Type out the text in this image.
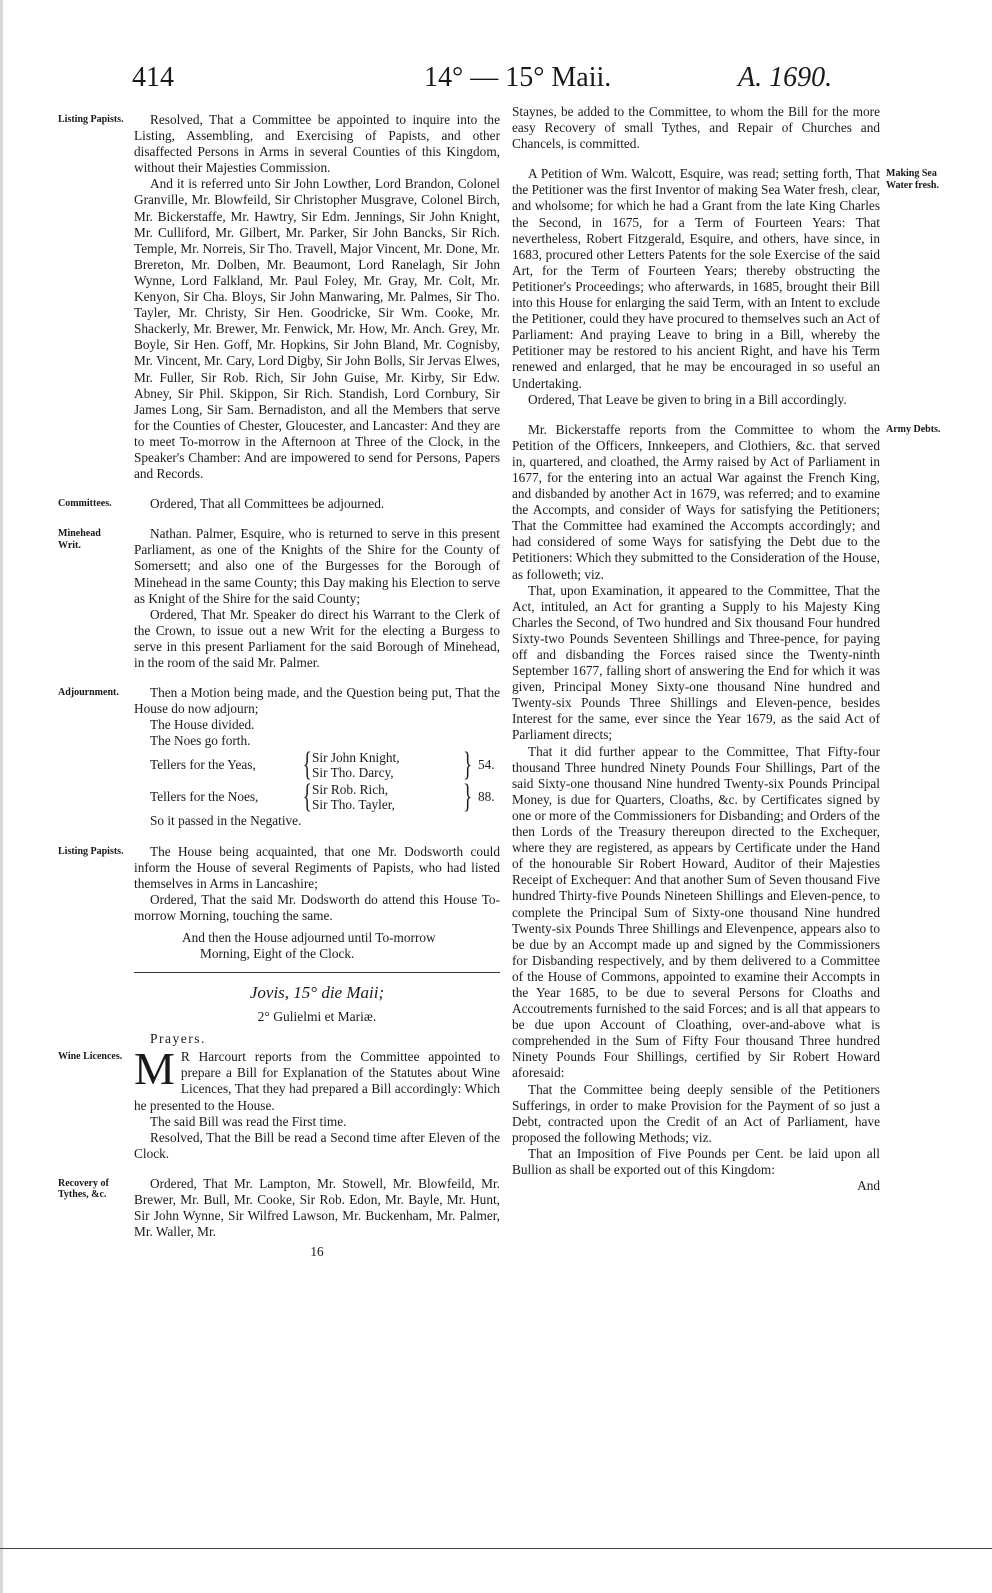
414	14° — 15° Maii.	A. 1690.
Listing Papists.	Resolved, That a Committee be appointed to inquire into the Listing, Assembling, and Exercising of Papists, and other disaffected Persons in Arms in several Counties of this Kingdom, without their Majesties Commission.

And it is referred unto Sir John Lowther, Lord Brandon, Colonel Granville, Mr. Blowfeild, Sir Christopher Musgrave, Colonel Birch, Mr. Bickerstaffe, Mr. Hawtry, Sir Edm. Jennings, Sir John Knight, Mr. Culliford, Mr. Gilbert, Mr. Parker, Sir John Bancks, Sir Rich. Temple, Mr. Norreis, Sir Tho. Travell, Major Vincent, Mr. Done, Mr. Brereton, Mr. Dolben, Mr. Beaumont, Lord Ranelagh, Sir John Wynne, Lord Falkland, Mr. Paul Foley, Mr. Gray, Mr. Colt, Mr. Kenyon, Sir Cha. Bloys, Sir John Manwaring, Mr. Palmes, Sir Tho. Tayler, Mr. Christy, Sir Hen. Goodricke, Sir Wm. Cooke, Mr. Shackerly, Mr. Brewer, Mr. Fenwick, Mr. How, Mr. Anch. Grey, Mr. Boyle, Sir Hen. Goff, Mr. Hopkins, Sir John Bland, Mr. Cognisby, Mr. Vincent, Mr. Cary, Lord Digby, Sir John Bolls, Sir Jervas Elwes, Mr. Fuller, Sir Rob. Rich, Sir John Guise, Mr. Kirby, Sir Edw. Abney, Sir Phil. Skippon, Sir Rich. Standish, Lord Cornbury, Sir James Long, Sir Sam. Bernadiston, and all the Members that serve for the Counties of Chester, Gloucester, and Lancaster: And they are to meet To-morrow in the Afternoon at Three of the Clock, in the Speaker's Chamber: And are impowered to send for Persons, Papers and Records.

Committees.	Ordered, That all Committees be adjourned.

Minehead Writ.

Nathan. Palmer, Esquire, who is returned to serve in this present Parliament, as one of the Knights of the Shire for the County of Somersett; and also one of the Burgesses for the Borough of Minehead in the same County; this Day making his Election to serve as Knight of the Shire for the said County;

Ordered, That Mr. Speaker do direct his Warrant to the Clerk of the Crown, to issue out a new Writ for the electing a Burgess to serve in this present Parliament for the said Borough of Minehead, in the room of the said Mr. Palmer.

Adjournment.	Then a Motion being made, and the Question being put, That the House do now adjourn;

The House divided.

The Noes go forth.

Tellers for the Yeas,	{ Sir John Knight,
Sir Tho. Darcy,	} 54.
Tellers for the Noes,	{ Sir Rob. Rich,
Sir Tho. Tayler,	} 88.

So it passed in the Negative.

Listing Papists.	The House being acquainted, that one Mr. Dodsworth could inform the House of several Regiments of Papists, who had listed themselves in Arms in Lancashire;

Ordered, That the said Mr. Dodsworth do attend this House To-morrow Morning, touching the same.

And then the House adjourned until To-morrow

Morning, Eight of the Clock.

Jovis, 15° die Maii;
2° Gulielmi et Mariæ.
Prayers.
Wine Licences. M R Harcourt reports from the Committee appointed to prepare a Bill for Explanation of the Statutes about Wine Licences, That they had prepared a Bill accordingly: Which he presented to the House.

The said Bill was read the First time.

Resolved, That the Bill be read a Second time after Eleven of the Clock.

Recovery of Tythes, &c.

Ordered, That Mr. Lampton, Mr. Stowell, Mr. Blowfeild, Mr. Brewer, Mr. Bull, Mr. Cooke, Sir Rob. Edon, Mr. Bayle, Mr. Hunt, Sir John Wynne, Sir Wilfred Lawson, Mr. Buckenham, Mr. Palmer, Mr. Waller, Mr.

16

Staynes, be added to the Committee, to whom the Bill for the more easy Recovery of small Tythes, and Repair of Churches and Chancels, is committed.

Making Sea Water fresh.

A Petition of Wm. Walcott, Esquire, was read; setting forth, That the Petitioner was the first Inventor of making Sea Water fresh, clear, and wholsome; for which he had a Grant from the late King Charles the Second, in 1675, for a Term of Fourteen Years: That nevertheless, Robert Fitzgerald, Esquire, and others, have since, in 1683, procured other Letters Patents for the sole Exercise of the said Art, for the Term of Fourteen Years; thereby obstructing the Petitioner's Proceedings; who afterwards, in 1685, brought their Bill into this House for enlarging the said Term, with an Intent to exclude the Petitioner, could they have procured to themselves such an Act of Parliament: And praying Leave to bring in a Bill, whereby the Petitioner may be restored to his ancient Right, and have his Term renewed and enlarged, that he may be encouraged in so useful an Undertaking.

Ordered, That Leave be given to bring in a Bill accordingly.

Army Debts.

Mr. Bickerstaffe reports from the Committee to whom the Petition of the Officers, Innkeepers, and Clothiers, &c. that served in, quartered, and cloathed, the Army raised by Act of Parliament in 1677, for the entering into an actual War against the French King, and disbanded by another Act in 1679, was referred; and to examine the Accompts, and consider of Ways for satisfying the Petitioners; That the Committee had examined the Accompts accordingly; and had considered of some Ways for satisfying the Debt due to the Petitioners: Which they submitted to the Consideration of the House, as followeth; viz.

That, upon Examination, it appeared to the Committee, That the Act, intituled, an Act for granting a Supply to his Majesty King Charles the Second, of Two hundred and Six thousand Four hundred Sixty-two Pounds Seventeen Shillings and Three-pence, for paying off and disbanding the Forces raised since the Twenty-ninth September 1677, falling short of answering the End for which it was given, Principal Money Sixty-one thousand Nine hundred and Twenty-six Pounds Three Shillings and Eleven-pence, besides Interest for the same, ever since the Year 1679, as the said Act of Parliament directs;

That it did further appear to the Committee, That Fifty-four thousand Three hundred Ninety Pounds Four Shillings, Part of the said Sixty-one thousand Nine hundred Twenty-six Pounds Principal Money, is due for Quarters, Cloaths, &c. by Certificates signed by one or more of the Commissioners for Disbanding; and Orders of the then Lords of the Treasury thereupon directed to the Exchequer, where they are registered, as appears by Certificate under the Hand of the honourable Sir Robert Howard, Auditor of their Majesties Receipt of Exchequer: And that another Sum of Seven thousand Five hundred Thirty-five Pounds Nineteen Shillings and Eleven-pence, to complete the Principal Sum of Sixty-one thousand Nine hundred Twenty-six Pounds Three Shillings and Elevenpence, appears also to be due by an Accompt made up and signed by the Commissioners for Disbanding respectively, and by them delivered to a Committee of the House of Commons, appointed to examine their Accompts in the Year 1685, to be due to several Persons for Cloaths and Accoutrements furnished to the said Forces; and is all that appears to be due upon Account of Cloathing, over-and-above what is comprehended in the Sum of Fifty Four thousand Three hundred Ninety Pounds Four Shillings, certified by Sir Robert Howard aforesaid:

That the Committee being deeply sensible of the Petitioners Sufferings, in order to make Provision for the Payment of so just a Debt, contracted upon the Credit of an Act of Parliament, have proposed the following Methods; viz.

That an Imposition of Five Pounds per Cent. be laid upon all Bullion as shall be exported out of this Kingdom:

And
